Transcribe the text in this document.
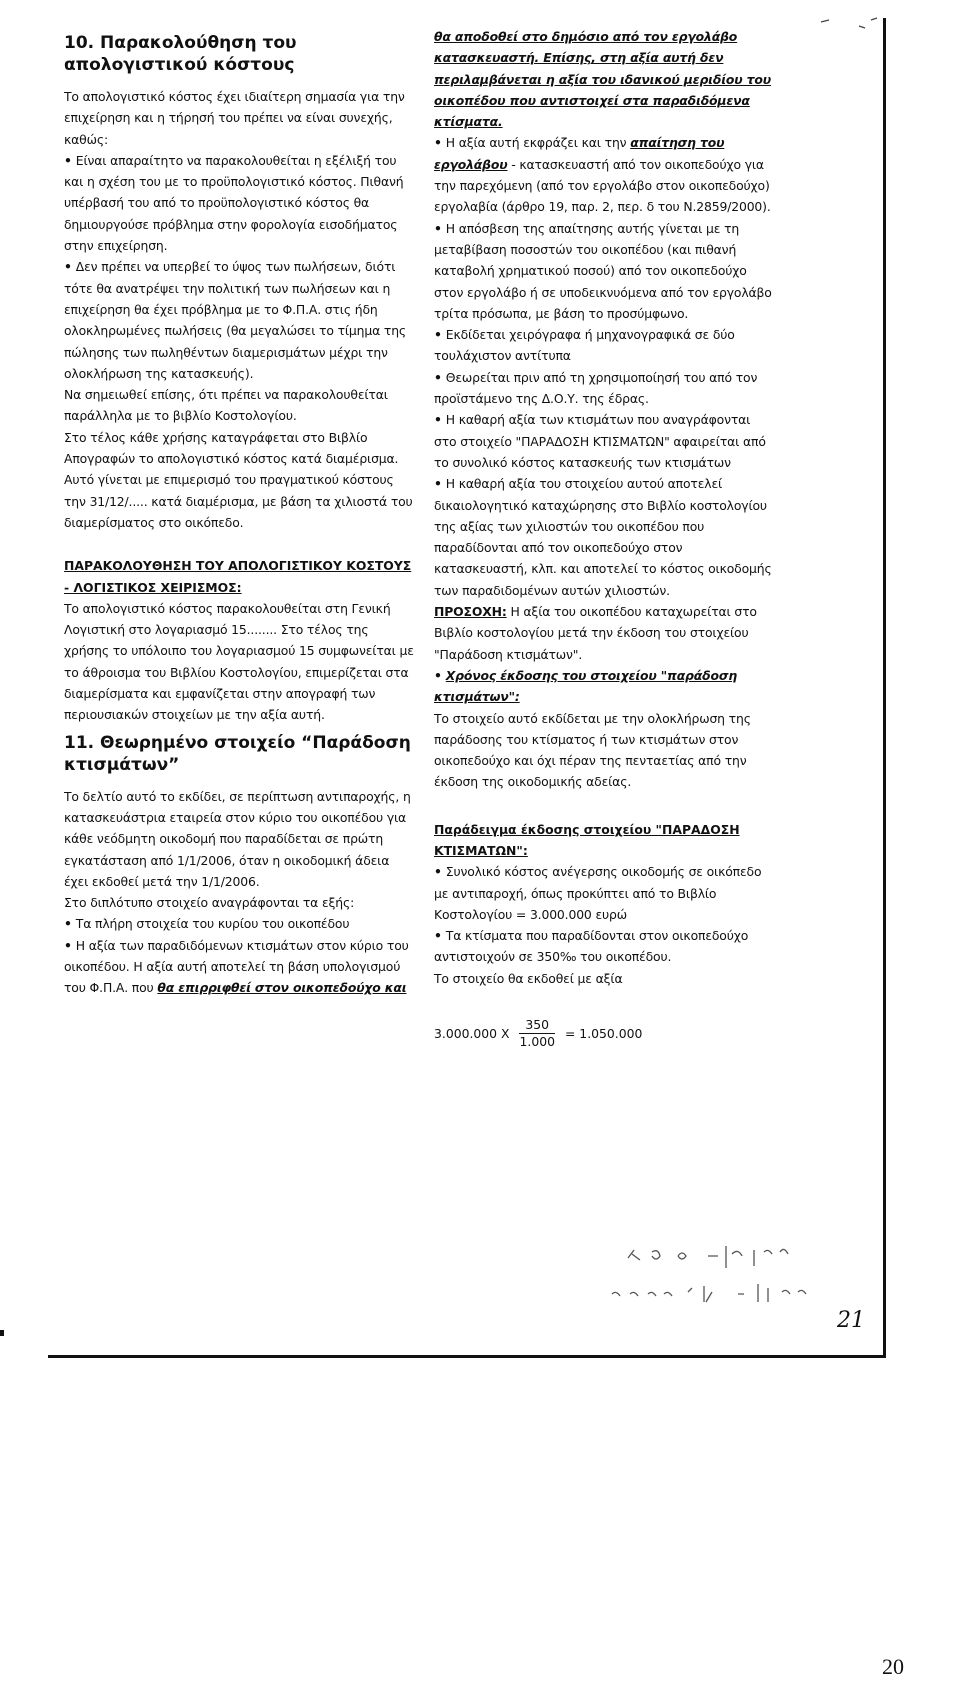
10. Παρακολούθηση του απολογιστικού κόστους

Το απολογιστικό κόστος έχει ιδιαίτερη σημασία για την επιχείρηση και η τήρησή του πρέπει να είναι συνεχής, καθώς:

• Είναι απαραίτητο να παρακολουθείται η εξέλιξή του και η σχέση του με το προϋπολογιστικό κόστος. Πιθανή υπέρβασή του από το προϋπολογιστικό κόστος θα δημιουργούσε πρόβλημα στην φορολογία εισοδήματος στην επιχείρηση.
• Δεν πρέπει να υπερβεί το ύψος των πωλήσεων, διότι τότε θα ανατρέψει την πολιτική των πωλήσεων και η επιχείρηση θα έχει πρόβλημα με το Φ.Π.Α. στις ήδη ολοκληρωμένες πωλήσεις (θα μεγαλώσει το τίμημα της πώλησης των πωληθέντων διαμερισμάτων μέχρι την ολοκλήρωση της κατασκευής).

Να σημειωθεί επίσης, ότι πρέπει να παρακολουθείται παράλληλα με το βιβλίο Κοστολογίου.

Στο τέλος κάθε χρήσης καταγράφεται στο Βιβλίο Απογραφών το απολογιστικό κόστος κατά διαμέρισμα. Αυτό γίνεται με επιμερισμό του πραγματικού κόστους την 31/12/..... κατά διαμέρισμα, με βάση τα χιλιοστά του διαμερίσματος στο οικόπεδο.

ΠΑΡΑΚΟΛΟΥΘΗΣΗ ΤΟΥ ΑΠΟΛΟΓΙΣΤΙΚΟΥ ΚΟΣΤΟΥΣ - ΛΟΓΙΣΤΙΚΟΣ ΧΕΙΡΙΣΜΟΣ:

Το απολογιστικό κόστος παρακολουθείται στη Γενική Λογιστική στο λογαριασμό 15........ Στο τέλος της χρήσης το υπόλοιπο του λογαριασμού 15 συμφωνείται με το άθροισμα του Βιβλίου Κοστολογίου, επιμερίζεται στα διαμερίσματα και εμφανίζεται στην απογραφή των περιουσιακών στοιχείων με την αξία αυτή.

11. Θεωρημένο στοιχείο “Παράδοση κτισμάτων”

Το δελτίο αυτό το εκδίδει, σε περίπτωση αντιπαροχής, η κατασκευάστρια εταιρεία στον κύριο του οικοπέδου για κάθε νεόδμητη οικοδομή που παραδίδεται σε πρώτη εγκατάσταση από 1/1/2006, όταν η οικοδομική άδεια έχει εκδοθεί μετά την 1/1/2006.

Στο διπλότυπο στοιχείο αναγράφονται τα εξής:

• Τα πλήρη στοιχεία του κυρίου του οικοπέδου
• Η αξία των παραδιδόμενων κτισμάτων στον κύριο του οικοπέδου. Η αξία αυτή αποτελεί τη βάση υπολογισμού του Φ.Π.Α. που θα επιρριφθεί στον οικοπεδούχο και

θα αποδοθεί στο δημόσιο από τον εργολάβο κατασκευαστή. Επίσης, στη αξία αυτή δεν περιλαμβάνεται η αξία του ιδανικού μεριδίου του οικοπέδου που αντιστοιχεί στα παραδιδόμενα κτίσματα.

• Η αξία αυτή εκφράζει και την απαίτηση του εργολάβου - κατασκευαστή από τον οικοπεδούχο για την παρεχόμενη (από τον εργολάβο στον οικοπεδούχο) εργολαβία (άρθρο 19, παρ. 2, περ. δ του Ν.2859/2000).
• Η απόσβεση της απαίτησης αυτής γίνεται με τη μεταβίβαση ποσοστών του οικοπέδου (και πιθανή καταβολή χρηματικού ποσού) από τον οικοπεδούχο στον εργολάβο ή σε υποδεικνυόμενα από τον εργολάβο τρίτα πρόσωπα, με βάση το προσύμφωνο.
• Εκδίδεται χειρόγραφα ή μηχανογραφικά σε δύο τουλάχιστον αντίτυπα
• Θεωρείται πριν από τη χρησιμοποίησή του από τον προϊστάμενο της Δ.Ο.Υ. της έδρας.
• Η καθαρή αξία των κτισμάτων που αναγράφονται στο στοιχείο "ΠΑΡΑΔΟΣΗ ΚΤΙΣΜΑΤΩΝ" αφαιρείται από το συνολικό κόστος κατασκευής των κτισμάτων
• Η καθαρή αξία του στοιχείου αυτού αποτελεί δικαιολογητικό καταχώρησης στο Βιβλίο κοστολογίου της αξίας των χιλιοστών του οικοπέδου που παραδίδονται από τον οικοπεδούχο στον κατασκευαστή, κλπ. και αποτελεί το κόστος οικοδομής των παραδιδομένων αυτών χιλιοστών.

ΠΡΟΣΟΧΗ: Η αξία του οικοπέδου καταχωρείται στο Βιβλίο κοστολογίου μετά την έκδοση του στοιχείου "Παράδοση κτισμάτων".

• Χρόνος έκδοσης του στοιχείου "παράδοση κτισμάτων":

Το στοιχείο αυτό εκδίδεται με την ολοκλήρωση της παράδοσης του κτίσματος ή των κτισμάτων στον οικοπεδούχο και όχι πέραν της πενταετίας από την έκδοση της οικοδομικής αδείας.

Παράδειγμα έκδοσης στοιχείου "ΠΑΡΑΔΟΣΗ ΚΤΙΣΜΑΤΩΝ":
• Συνολικό κόστος ανέγερσης οικοδομής σε οικόπεδο με αντιπαροχή, όπως προκύπτει από το Βιβλίο Κοστολογίου = 3.000.000 ευρώ
• Τα κτίσματα που παραδίδονται στον οικοπεδούχο αντιστοιχούν σε 350‰ του οικοπέδου.

Το στοιχείο θα εκδοθεί με αξία

3.000.000 Χ $\frac{350}{1.000} = 1.050.000$
21
20
